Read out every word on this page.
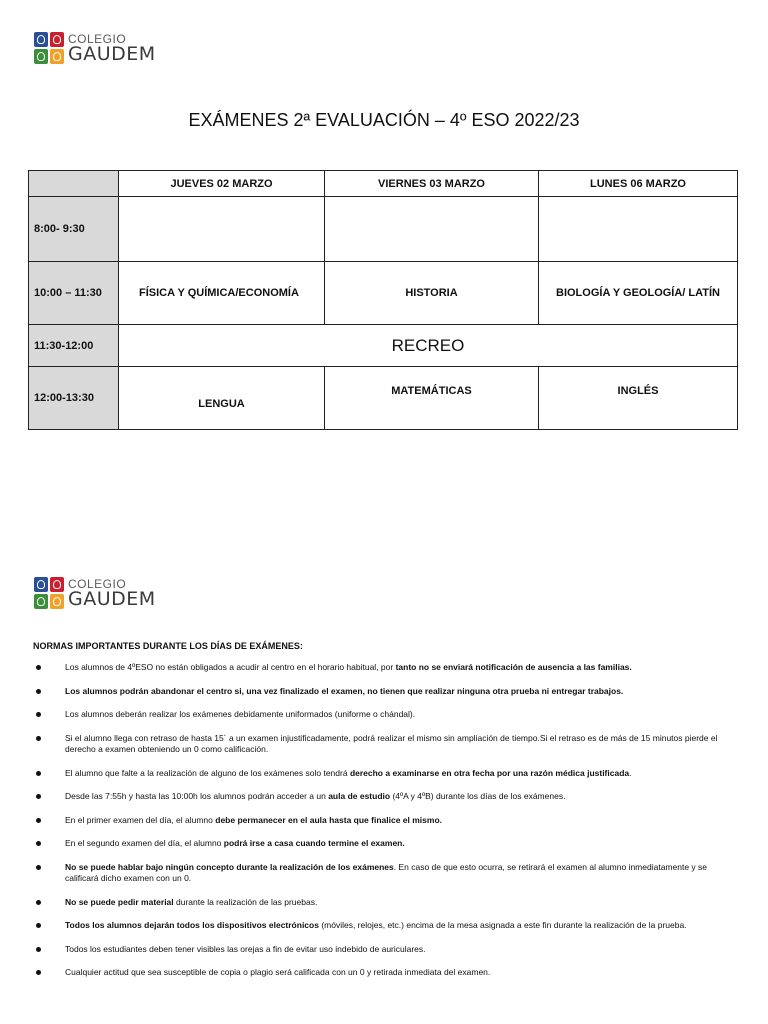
COLEGIO
GAUDEM
EXÁMENES 2ª EVALUACIÓN – 4º ESO 2022/23
	JUEVES 02 MARZO	VIERNES 03 MARZO	LUNES 06 MARZO
8:00- 9:30			
10:00 – 11:30	FÍSICA Y QUÍMICA/ECONOMÍA	HISTORIA	BIOLOGÍA Y GEOLOGÍA/ LATÍN
11:30-12:00	RECREO		
12:00-13:30	LENGUA	MATEMÁTICAS	INGLÉS
COLEGIO
GAUDEM
NORMAS IMPORTANTES DURANTE LOS DÍAS DE EXÁMENES:
Los alumnos de 4ºESO no están obligados a acudir al centro en el horario habitual, por tanto no se enviará notificación de ausencia a las familias.
Los alumnos podrán abandonar el centro si, una vez finalizado el examen, no tienen que realizar ninguna otra prueba ni entregar trabajos.
Los alumnos deberán realizar los exámenes debidamente uniformados (uniforme o chándal).
Si el alumno llega con retraso de hasta 15´ a un examen injustificadamente, podrá realizar el mismo sin ampliación de tiempo.Si el retraso es de más de 15 minutos pierde el derecho a examen obteniendo un 0 como calificación.
El alumno que falte a la realización de alguno de los exámenes solo tendrá derecho a examinarse en otra fecha por una razón médica justificada.
Desde las 7:55h y hasta las 10:00h los alumnos podrán acceder a un aula de estudio (4ºA y 4ºB) durante los días de los exámenes.
En el primer examen del día, el alumno debe permanecer en el aula hasta que finalice el mismo.
En el segundo examen del día, el alumno podrá irse a casa cuando termine el examen.
No se puede hablar bajo ningún concepto durante la realización de los exámenes. En caso de que esto ocurra, se retirará el examen al alumno inmediatamente y se calificará dicho examen con un 0.
No se puede pedir material durante la realización de las pruebas.
Todos los alumnos dejarán todos los dispositivos electrónicos (móviles, relojes, etc.) encima de la mesa asignada a este fin durante la realización de la prueba.
Todos los estudiantes deben tener visibles las orejas a fin de evitar uso indebido de auriculares.
Cualquier actitud que sea susceptible de copia o plagio será calificada con un 0 y retirada inmediata del examen.
